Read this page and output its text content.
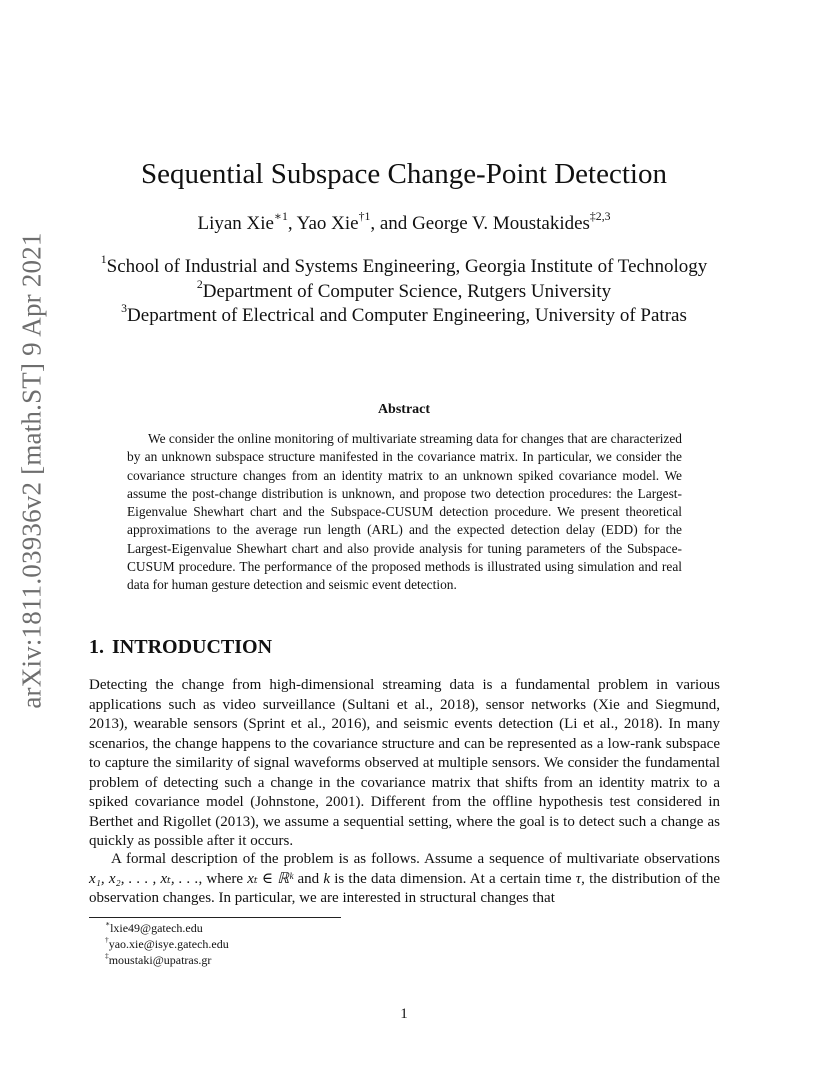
arXiv:1811.03936v2 [math.ST] 9 Apr 2021
Sequential Subspace Change-Point Detection
Liyan Xie$^{∗1}$, Yao Xie$^{\dagger 1}$, and George V. Moustakides$^{\ddagger 2,3}$
$^1$School of Industrial and Systems Engineering, Georgia Institute of Technology
$^2$Department of Computer Science, Rutgers University
$^3$Department of Electrical and Computer Engineering, University of Patras
Abstract

We consider the online monitoring of multivariate streaming data for changes that are characterized by an unknown subspace structure manifested in the covariance matrix. In particular, we consider the covariance structure changes from an identity matrix to an unknown spiked covariance model. We assume the post-change distribution is unknown, and propose two detection procedures: the Largest-Eigenvalue Shewhart chart and the Subspace-CUSUM detection procedure. We present theoretical approximations to the average run length (ARL) and the expected detection delay (EDD) for the Largest-Eigenvalue Shewhart chart and also provide analysis for tuning parameters of the Subspace-CUSUM procedure. The performance of the proposed methods is illustrated using simulation and real data for human gesture detection and seismic event detection.

1. INTRODUCTION

Detecting the change from high-dimensional streaming data is a fundamental problem in various applications such as video surveillance (Sultani et al., 2018), sensor networks (Xie and Siegmund, 2013), wearable sensors (Sprint et al., 2016), and seismic events detection (Li et al., 2018). In many scenarios, the change happens to the covariance structure and can be represented as a low-rank subspace to capture the similarity of signal waveforms observed at multiple sensors. We consider the fundamental problem of detecting such a change in the covariance matrix that shifts from an identity matrix to a spiked covariance model (Johnstone, 2001). Different from the offline hypothesis test considered in Berthet and Rigollet (2013), we assume a sequential setting, where the goal is to detect such a change as quickly as possible after it occurs.

A formal description of the problem is as follows. Assume a sequence of multivariate observations x₁, x₂, . . . , xₜ, . . ., where xₜ ∈ ℝᵏ and k is the data dimension. At a certain time τ, the distribution of the observation changes. In particular, we are interested in structural changes that

∗lxie49@gatech.edu
†yao.xie@isye.gatech.edu
‡moustaki@upatras.gr
1
